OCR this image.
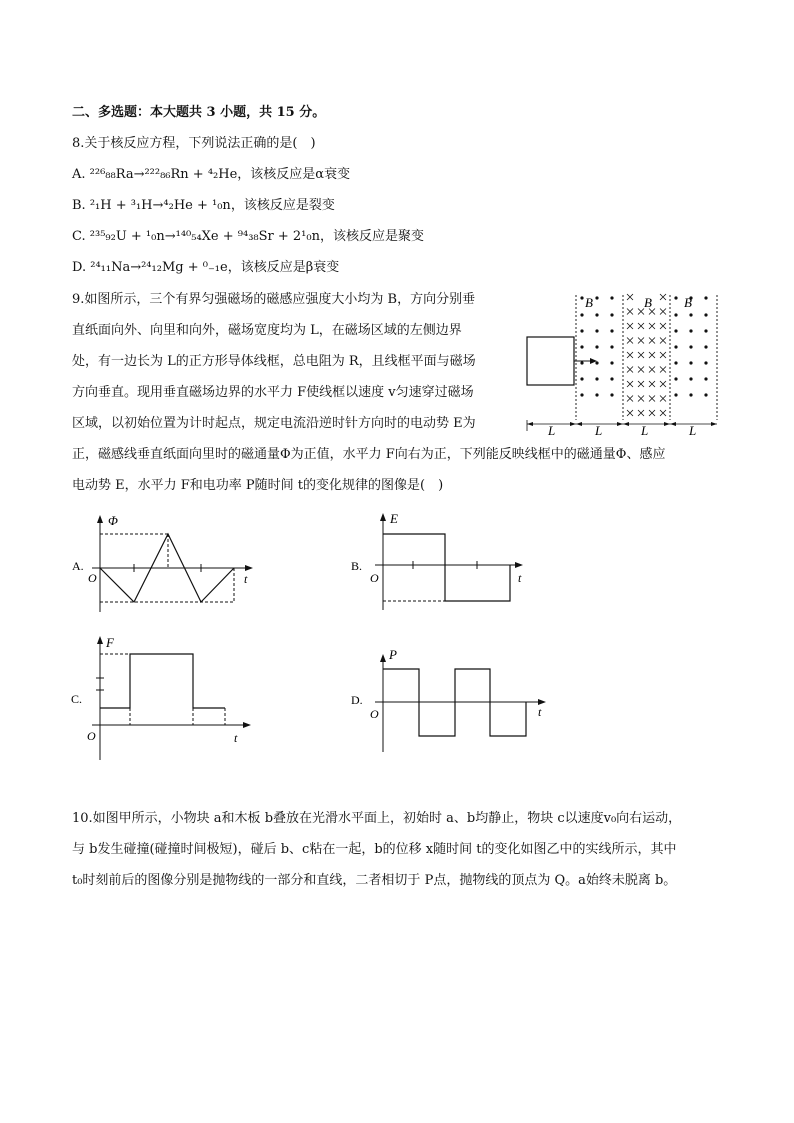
二、多选题：本大题共 3 小题，共 15 分。
8.关于核反应方程，下列说法正确的是(　)
A. ²²⁶₈₈Ra→²²²₈₆Rn + ⁴₂He，该核反应是α衰变
B. ²₁H + ³₁H→⁴₂He + ¹₀n，该核反应是裂变
C. ²³⁵₉₂U + ¹₀n→¹⁴⁰₅₄Xe + ⁹⁴₃₈Sr + 2¹₀n，该核反应是聚变
D. ²⁴₁₁Na→²⁴₁₂Mg + ⁰₋₁e，该核反应是β衰变
9.如图所示，三个有界匀强磁场的磁感应强度大小均为 B，方向分别垂
直纸面向外、向里和向外，磁场宽度均为 L，在磁场区域的左侧边界
处，有一边长为 L的正方形导体线框，总电阻为 R，且线框平面与磁场
方向垂直。现用垂直磁场边界的水平力 F使线框以速度 v匀速穿过磁场
区域，以初始位置为计时起点，规定电流沿逆时针方向时的电动势 E为
正，磁感线垂直纸面向里时的磁通量Φ为正值，水平力 F向右为正，下列能反映线框中的磁通量Φ、感应
电动势 E，水平力 F和电功率 P随时间 t的变化规律的图像是(　)
B	B B
L	L	L	L
Φ
t
O
A.
E
t
O
B.
F
t
O
C.
P
t
O
D.
10.如图甲所示，小物块 a和木板 b叠放在光滑水平面上，初始时 a、b均静止，物块 c以速度v₀向右运动，
与 b发生碰撞(碰撞时间极短)，碰后 b、c粘在一起，b的位移 x随时间 t的变化如图乙中的实线所示，其中
t₀时刻前后的图像分别是抛物线的一部分和直线，二者相切于 P点，抛物线的顶点为 Q。a始终未脱离 b。
